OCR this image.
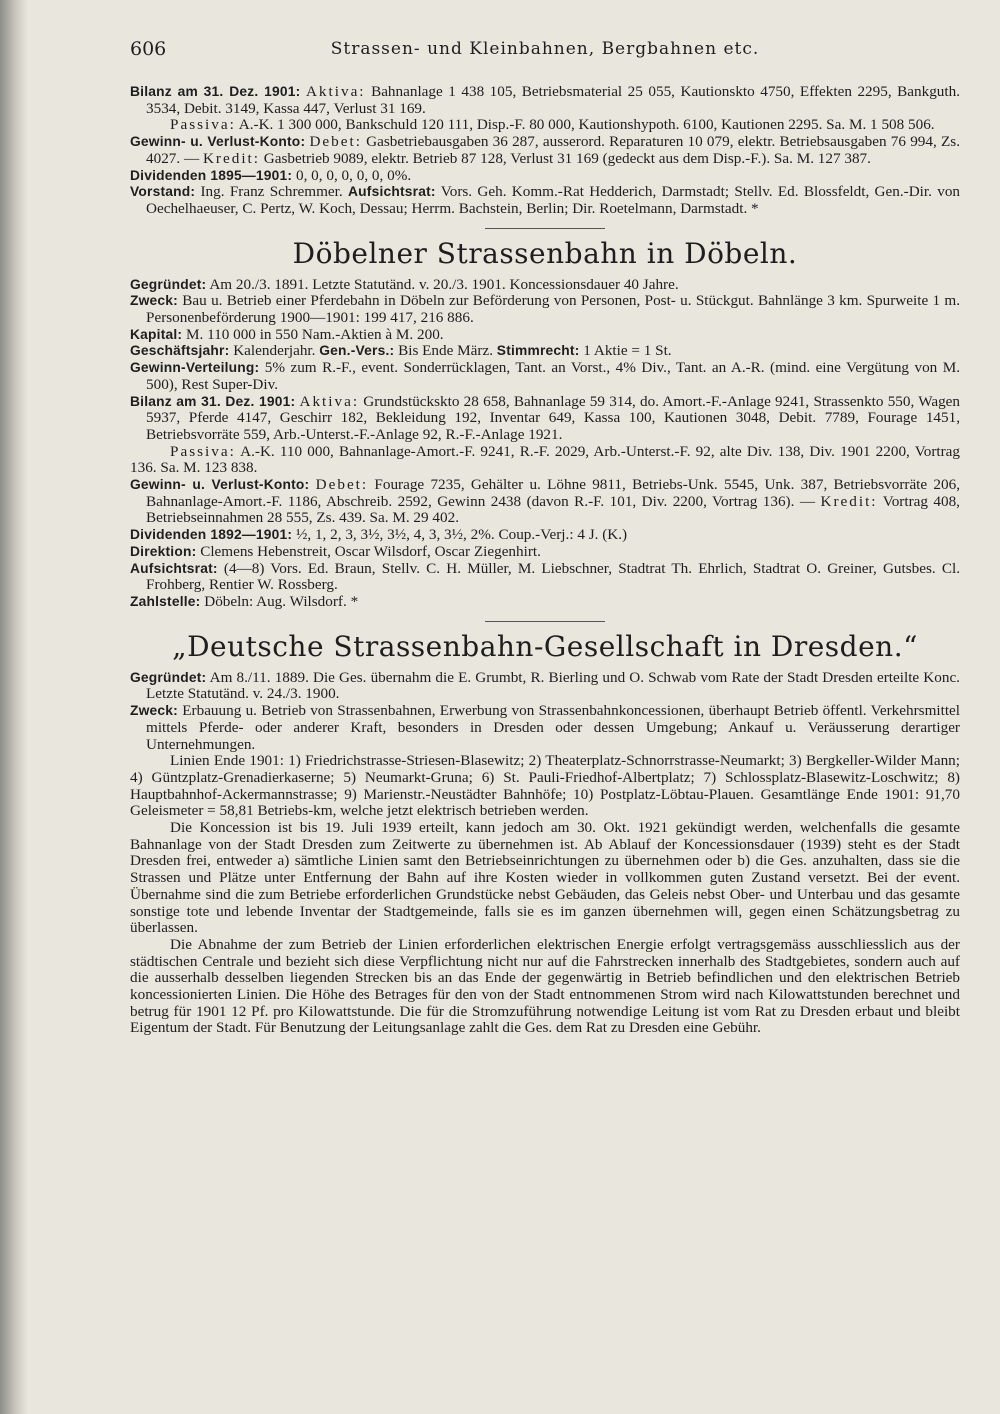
606	Strassen- und Kleinbahnen, Bergbahnen etc.

Bilanz am 31. Dez. 1901: Aktiva: Bahnanlage 1 438 105, Betriebsmaterial 25 055, Kautionskto 4750, Effekten 2295, Bankguth. 3534, Debit. 3149, Kassa 447, Verlust 31 169.

Passiva: A.-K. 1 300 000, Bankschuld 120 111, Disp.-F. 80 000, Kautionshypoth. 6100, Kautionen 2295. Sa. M. 1 508 506.

Gewinn- u. Verlust-Konto: Debet: Gasbetriebausgaben 36 287, ausserord. Reparaturen 10 079, elektr. Betriebsausgaben 76 994, Zs. 4027. — Kredit: Gasbetrieb 9089, elektr. Betrieb 87 128, Verlust 31 169 (gedeckt aus dem Disp.-F.). Sa. M. 127 387.

Dividenden 1895—1901: 0, 0, 0, 0, 0, 0, 0%.

Vorstand: Ing. Franz Schremmer. Aufsichtsrat: Vors. Geh. Komm.-Rat Hedderich, Darmstadt; Stellv. Ed. Blossfeldt, Gen.-Dir. von Oechelhaeuser, C. Pertz, W. Koch, Dessau; Herrm. Bachstein, Berlin; Dir. Roetelmann, Darmstadt. *

Döbelner Strassenbahn in Döbeln.

Gegründet: Am 20./3. 1891. Letzte Statutänd. v. 20./3. 1901. Koncessionsdauer 40 Jahre.

Zweck: Bau u. Betrieb einer Pferdebahn in Döbeln zur Beförderung von Personen, Post- u. Stückgut. Bahnlänge 3 km. Spurweite 1 m. Personenbeförderung 1900—1901: 199 417, 216 886.

Kapital: M. 110 000 in 550 Nam.-Aktien à M. 200.

Geschäftsjahr: Kalenderjahr. Gen.-Vers.: Bis Ende März. Stimmrecht: 1 Aktie = 1 St.

Gewinn-Verteilung: 5% zum R.-F., event. Sonderrücklagen, Tant. an Vorst., 4% Div., Tant. an A.-R. (mind. eine Vergütung von M. 500), Rest Super-Div.

Bilanz am 31. Dez. 1901: Aktiva: Grundstückskto 28 658, Bahnanlage 59 314, do. Amort.-F.-Anlage 9241, Strassenkto 550, Wagen 5937, Pferde 4147, Geschirr 182, Bekleidung 192, Inventar 649, Kassa 100, Kautionen 3048, Debit. 7789, Fourage 1451, Betriebsvorräte 559, Arb.-Unterst.-F.-Anlage 92, R.-F.-Anlage 1921.

Passiva: A.-K. 110 000, Bahnanlage-Amort.-F. 9241, R.-F. 2029, Arb.-Unterst.-F. 92, alte Div. 138, Div. 1901 2200, Vortrag 136. Sa. M. 123 838.

Gewinn- u. Verlust-Konto: Debet: Fourage 7235, Gehälter u. Löhne 9811, Betriebs-Unk. 5545, Unk. 387, Betriebsvorräte 206, Bahnanlage-Amort.-F. 1186, Abschreib. 2592, Gewinn 2438 (davon R.-F. 101, Div. 2200, Vortrag 136). — Kredit: Vortrag 408, Betriebseinnahmen 28 555, Zs. 439. Sa. M. 29 402.

Dividenden 1892—1901: ½, 1, 2, 3, 3½, 3½, 4, 3, 3½, 2%. Coup.-Verj.: 4 J. (K.)

Direktion: Clemens Hebenstreit, Oscar Wilsdorf, Oscar Ziegenhirt.

Aufsichtsrat: (4—8) Vors. Ed. Braun, Stellv. C. H. Müller, M. Liebschner, Stadtrat Th. Ehrlich, Stadtrat O. Greiner, Gutsbes. Cl. Frohberg, Rentier W. Rossberg.

Zahlstelle: Döbeln: Aug. Wilsdorf. *

„Deutsche Strassenbahn-Gesellschaft in Dresden.“

Gegründet: Am 8./11. 1889. Die Ges. übernahm die E. Grumbt, R. Bierling und O. Schwab vom Rate der Stadt Dresden erteilte Konc. Letzte Statutänd. v. 24./3. 1900.

Zweck: Erbauung u. Betrieb von Strassenbahnen, Erwerbung von Strassenbahnkoncessionen, überhaupt Betrieb öffentl. Verkehrsmittel mittels Pferde- oder anderer Kraft, besonders in Dresden oder dessen Umgebung; Ankauf u. Veräusserung derartiger Unternehmungen.

Linien Ende 1901: 1) Friedrichstrasse-Striesen-Blasewitz; 2) Theaterplatz-Schnorrstrasse-Neumarkt; 3) Bergkeller-Wilder Mann; 4) Güntzplatz-Grenadierkaserne; 5) Neumarkt-Gruna; 6) St. Pauli-Friedhof-Albertplatz; 7) Schlossplatz-Blasewitz-Loschwitz; 8) Hauptbahnhof-Ackermannstrasse; 9) Marienstr.-Neustädter Bahnhöfe; 10) Postplatz-Löbtau-Plauen. Gesamtlänge Ende 1901: 91,70 Geleismeter = 58,81 Betriebs-km, welche jetzt elektrisch betrieben werden.

Die Koncession ist bis 19. Juli 1939 erteilt, kann jedoch am 30. Okt. 1921 gekündigt werden, welchenfalls die gesamte Bahnanlage von der Stadt Dresden zum Zeitwerte zu übernehmen ist. Ab Ablauf der Koncessionsdauer (1939) steht es der Stadt Dresden frei, entweder a) sämtliche Linien samt den Betriebseinrichtungen zu übernehmen oder b) die Ges. anzuhalten, dass sie die Strassen und Plätze unter Entfernung der Bahn auf ihre Kosten wieder in vollkommen guten Zustand versetzt. Bei der event. Übernahme sind die zum Betriebe erforderlichen Grundstücke nebst Gebäuden, das Geleis nebst Ober- und Unterbau und das gesamte sonstige tote und lebende Inventar der Stadtgemeinde, falls sie es im ganzen übernehmen will, gegen einen Schätzungsbetrag zu überlassen.

Die Abnahme der zum Betrieb der Linien erforderlichen elektrischen Energie erfolgt vertragsgemäss ausschliesslich aus der städtischen Centrale und bezieht sich diese Verpflichtung nicht nur auf die Fahrstrecken innerhalb des Stadtgebietes, sondern auch auf die ausserhalb desselben liegenden Strecken bis an das Ende der gegenwärtig in Betrieb befindlichen und den elektrischen Betrieb koncessionierten Linien. Die Höhe des Betrages für den von der Stadt entnommenen Strom wird nach Kilowattstunden berechnet und betrug für 1901 12 Pf. pro Kilowattstunde. Die für die Stromzuführung notwendige Leitung ist vom Rat zu Dresden erbaut und bleibt Eigentum der Stadt. Für Benutzung der Leitungsanlage zahlt die Ges. dem Rat zu Dresden eine Gebühr.
